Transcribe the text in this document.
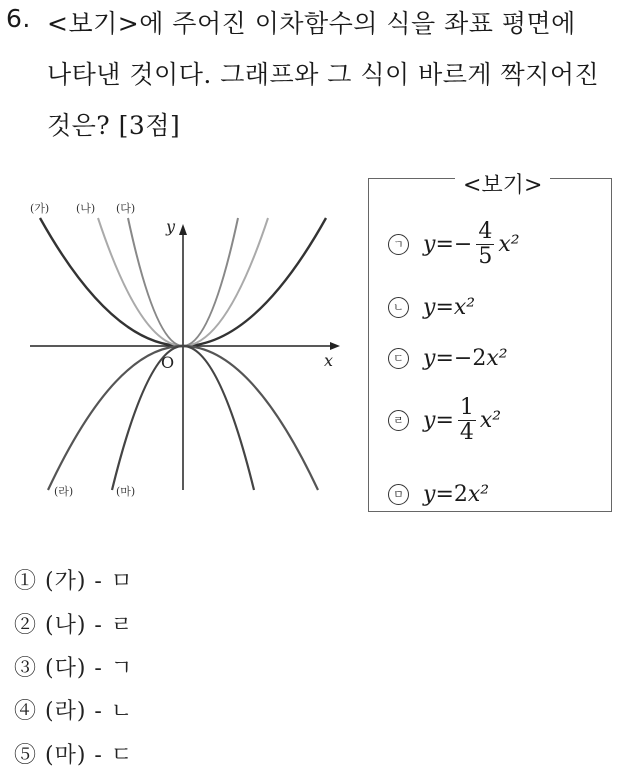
6. <보기>에 주어진 이차함수의 식을 좌표 평면에
나타낸 것이다. 그래프와 그 식이 바르게 짝지어진
것은? [3점]
(가) (나) (다)
(라)	(마)
y
x
O
<보기>
ㄱ $y =- \frac{4}{5} x^2$
ㄴ y = x²
ㄷ y =− 2 x²
ㄹ $y = \frac{1}{4} x^2$
ㅁ y = 2 x²
① (가) - ㅁ
② (나) - ㄹ
③ (다) - ㄱ
④ (라) - ㄴ
⑤ (마) - ㄷ
